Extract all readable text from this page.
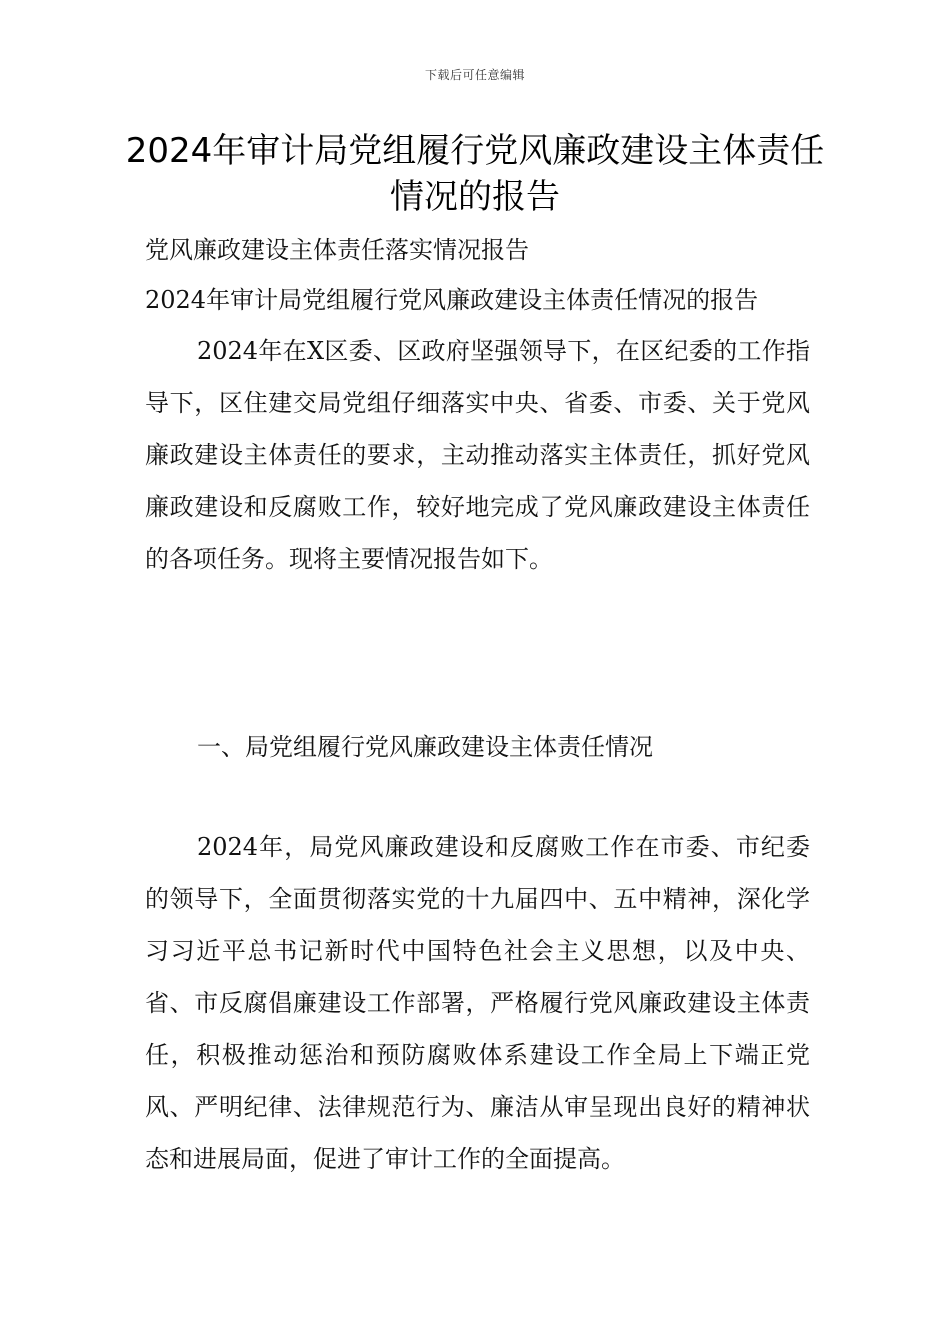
下载后可任意编辑
2024年审计局党组履行党风廉政建设主体责任情况的报告

党风廉政建设主体责任落实情况报告

2024年审计局党组履行党风廉政建设主体责任情况的报告

2024年在X区委、区政府坚强领导下，在区纪委的工作指导下，区住建交局党组仔细落实中央、省委、市委、关于党风廉政建设主体责任的要求，主动推动落实主体责任，抓好党风廉政建设和反腐败工作，较好地完成了党风廉政建设主体责任的各项任务。现将主要情况报告如下。

一、局党组履行党风廉政建设主体责任情况

2024年，局党风廉政建设和反腐败工作在市委、市纪委的领导下，全面贯彻落实党的十九届四中、五中精神，深化学习习近平总书记新时代中国特色社会主义思想，以及中央、省、市反腐倡廉建设工作部署，严格履行党风廉政建设主体责任，积极推动惩治和预防腐败体系建设工作全局上下端正党风、严明纪律、法律规范行为、廉洁从审呈现出良好的精神状态和进展局面，促进了审计工作的全面提高。
